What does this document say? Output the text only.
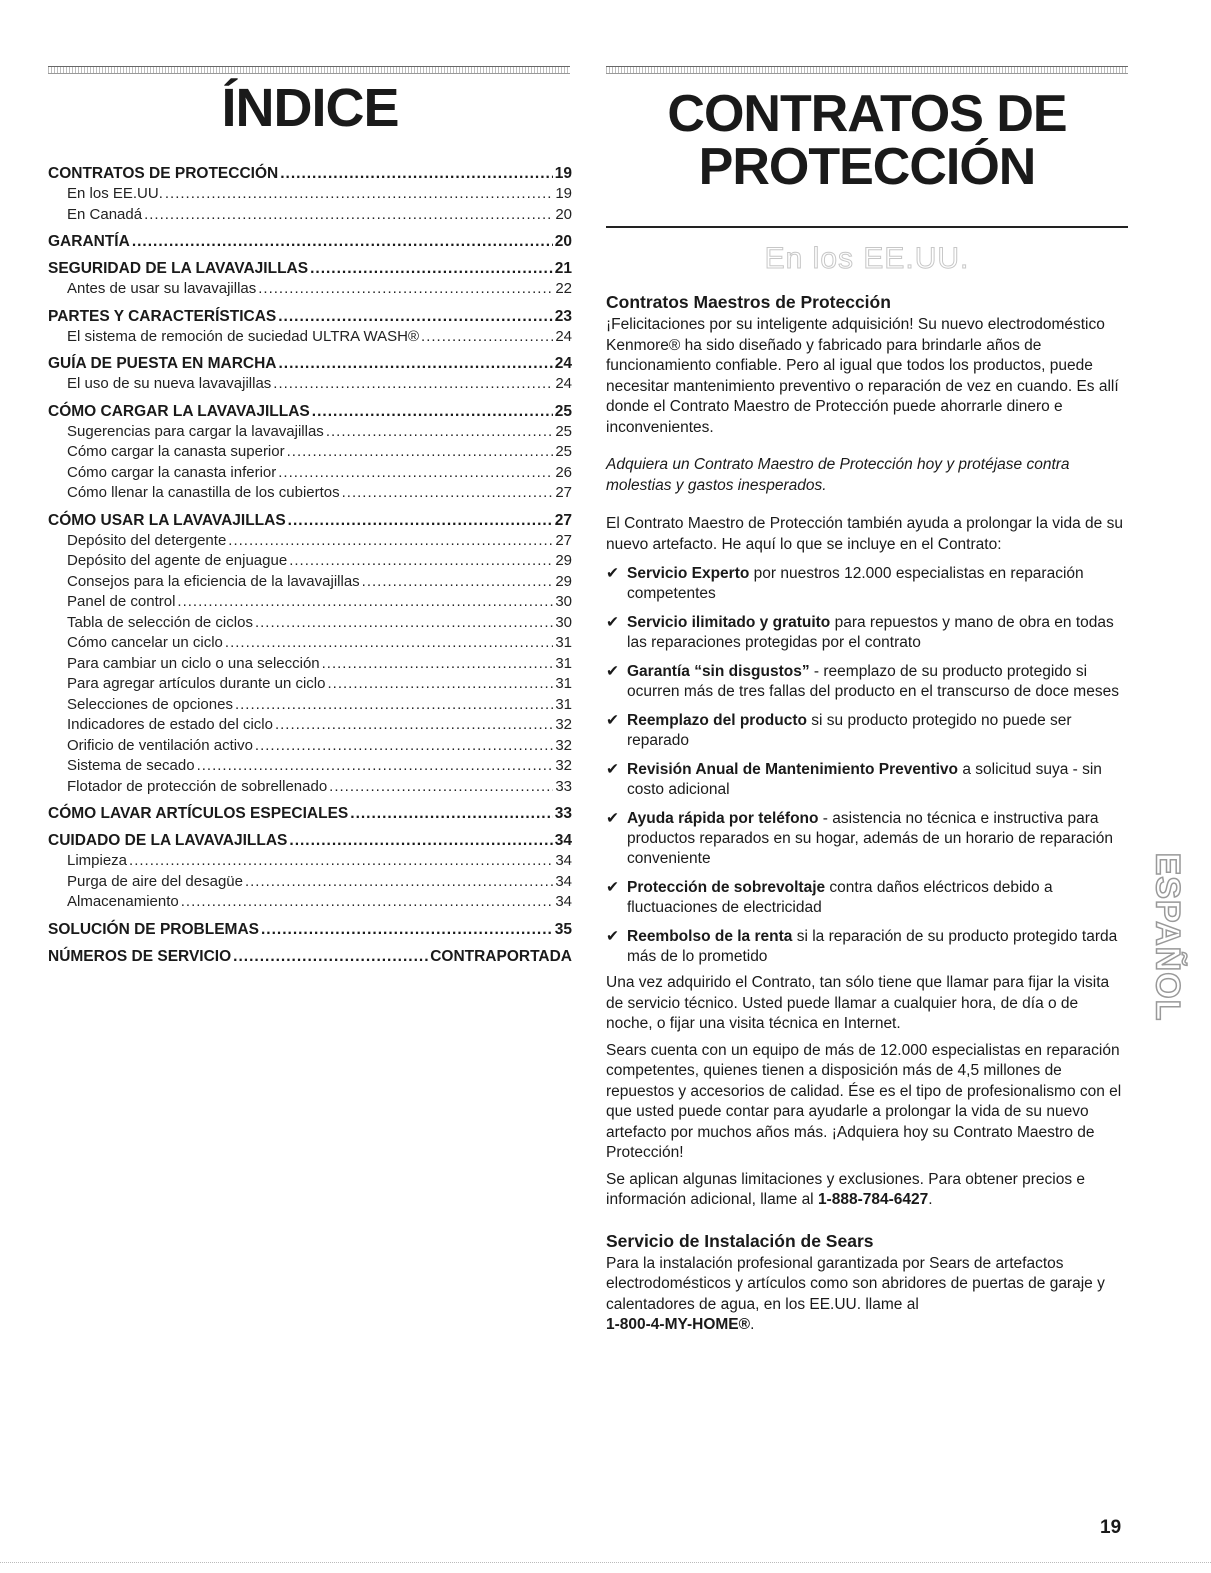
ÍNDICE
CONTRATOS DE PROTECCIÓN .....	19
En los EE.UU. .....	19
En Canadá .....	20
GARANTÍA .....	20
SEGURIDAD DE LA LAVAVAJILLAS .....	21
Antes de usar su lavavajillas .....	22
PARTES Y CARACTERÍSTICAS .....	23
El sistema de remoción de suciedad ULTRA WASH® .....	24
GUÍA DE PUESTA EN MARCHA .....	24
El uso de su nueva lavavajillas .....	24
CÓMO CARGAR LA LAVAVAJILLAS .....	25
Sugerencias para cargar la lavavajillas .....	25
Cómo cargar la canasta superior .....	25
Cómo cargar la canasta inferior .....	26
Cómo llenar la canastilla de los cubiertos .....	27
CÓMO USAR LA LAVAVAJILLAS .....	27
Depósito del detergente .....	27
Depósito del agente de enjuague .....	29
Consejos para la eficiencia de la lavavajillas .....	29
Panel de control .....	30
Tabla de selección de ciclos .....	30
Cómo cancelar un ciclo .....	31
Para cambiar un ciclo o una selección .....	31
Para agregar artículos durante un ciclo .....	31
Selecciones de opciones .....	31
Indicadores de estado del ciclo .....	32
Orificio de ventilación activo .....	32
Sistema de secado .....	32
Flotador de protección de sobrellenado .....	33
CÓMO LAVAR ARTÍCULOS ESPECIALES .....	33
CUIDADO DE LA LAVAVAJILLAS .....	34
Limpieza .....	34
Purga de aire del desagüe .....	34
Almacenamiento .....	34
SOLUCIÓN DE PROBLEMAS .....	35
NÚMEROS DE SERVICIO .....	CONTRAPORTADA
CONTRATOS DE
PROTECCIÓN
En los EE.UU.
Contratos Maestros de Protección

¡Felicitaciones por su inteligente adquisición! Su nuevo electrodoméstico Kenmore® ha sido diseñado y fabricado para brindarle años de funcionamiento confiable. Pero al igual que todos los productos, puede necesitar mantenimiento preventivo o reparación de vez en cuando. Es allí donde el Contrato Maestro de Protección puede ahorrarle dinero e inconvenientes.

Adquiera un Contrato Maestro de Protección hoy y protéjase contra molestias y gastos inesperados.

El Contrato Maestro de Protección también ayuda a prolongar la vida de su nuevo artefacto. He aquí lo que se incluye en el Contrato:

✔ Servicio Experto por nuestros 12.000 especialistas en reparación competentes
✔ Servicio ilimitado y gratuito para repuestos y mano de obra en todas las reparaciones protegidas por el contrato
✔ Garantía “sin disgustos” - reemplazo de su producto protegido si ocurren más de tres fallas del producto en el transcurso de doce meses
✔ Reemplazo del producto si su producto protegido no puede ser reparado
✔ Revisión Anual de Mantenimiento Preventivo a solicitud suya - sin costo adicional
✔ Ayuda rápida por teléfono - asistencia no técnica e instructiva para productos reparados en su hogar, además de un horario de reparación conveniente
✔ Protección de sobrevoltaje contra daños eléctricos debido a fluctuaciones de electricidad
✔ Reembolso de la renta si la reparación de su producto protegido tarda más de lo prometido

Una vez adquirido el Contrato, tan sólo tiene que llamar para fijar la visita de servicio técnico. Usted puede llamar a cualquier hora, de día o de noche, o fijar una visita técnica en Internet.

Sears cuenta con un equipo de más de 12.000 especialistas en reparación competentes, quienes tienen a disposición más de 4,5 millones de repuestos y accesorios de calidad. Ése es el tipo de profesionalismo con el que usted puede contar para ayudarle a prolongar la vida de su nuevo artefacto por muchos años más. ¡Adquiera hoy su Contrato Maestro de Protección!

Se aplican algunas limitaciones y exclusiones. Para obtener precios e información adicional, llame al 1-888-784-6427.

Servicio de Instalación de Sears

Para la instalación profesional garantizada por Sears de artefactos electrodomésticos y artículos como son abridores de puertas de garaje y calentadores de agua, en los EE.UU. llame al
1-800-4-MY-HOME®.

ESPAÑOL
19
